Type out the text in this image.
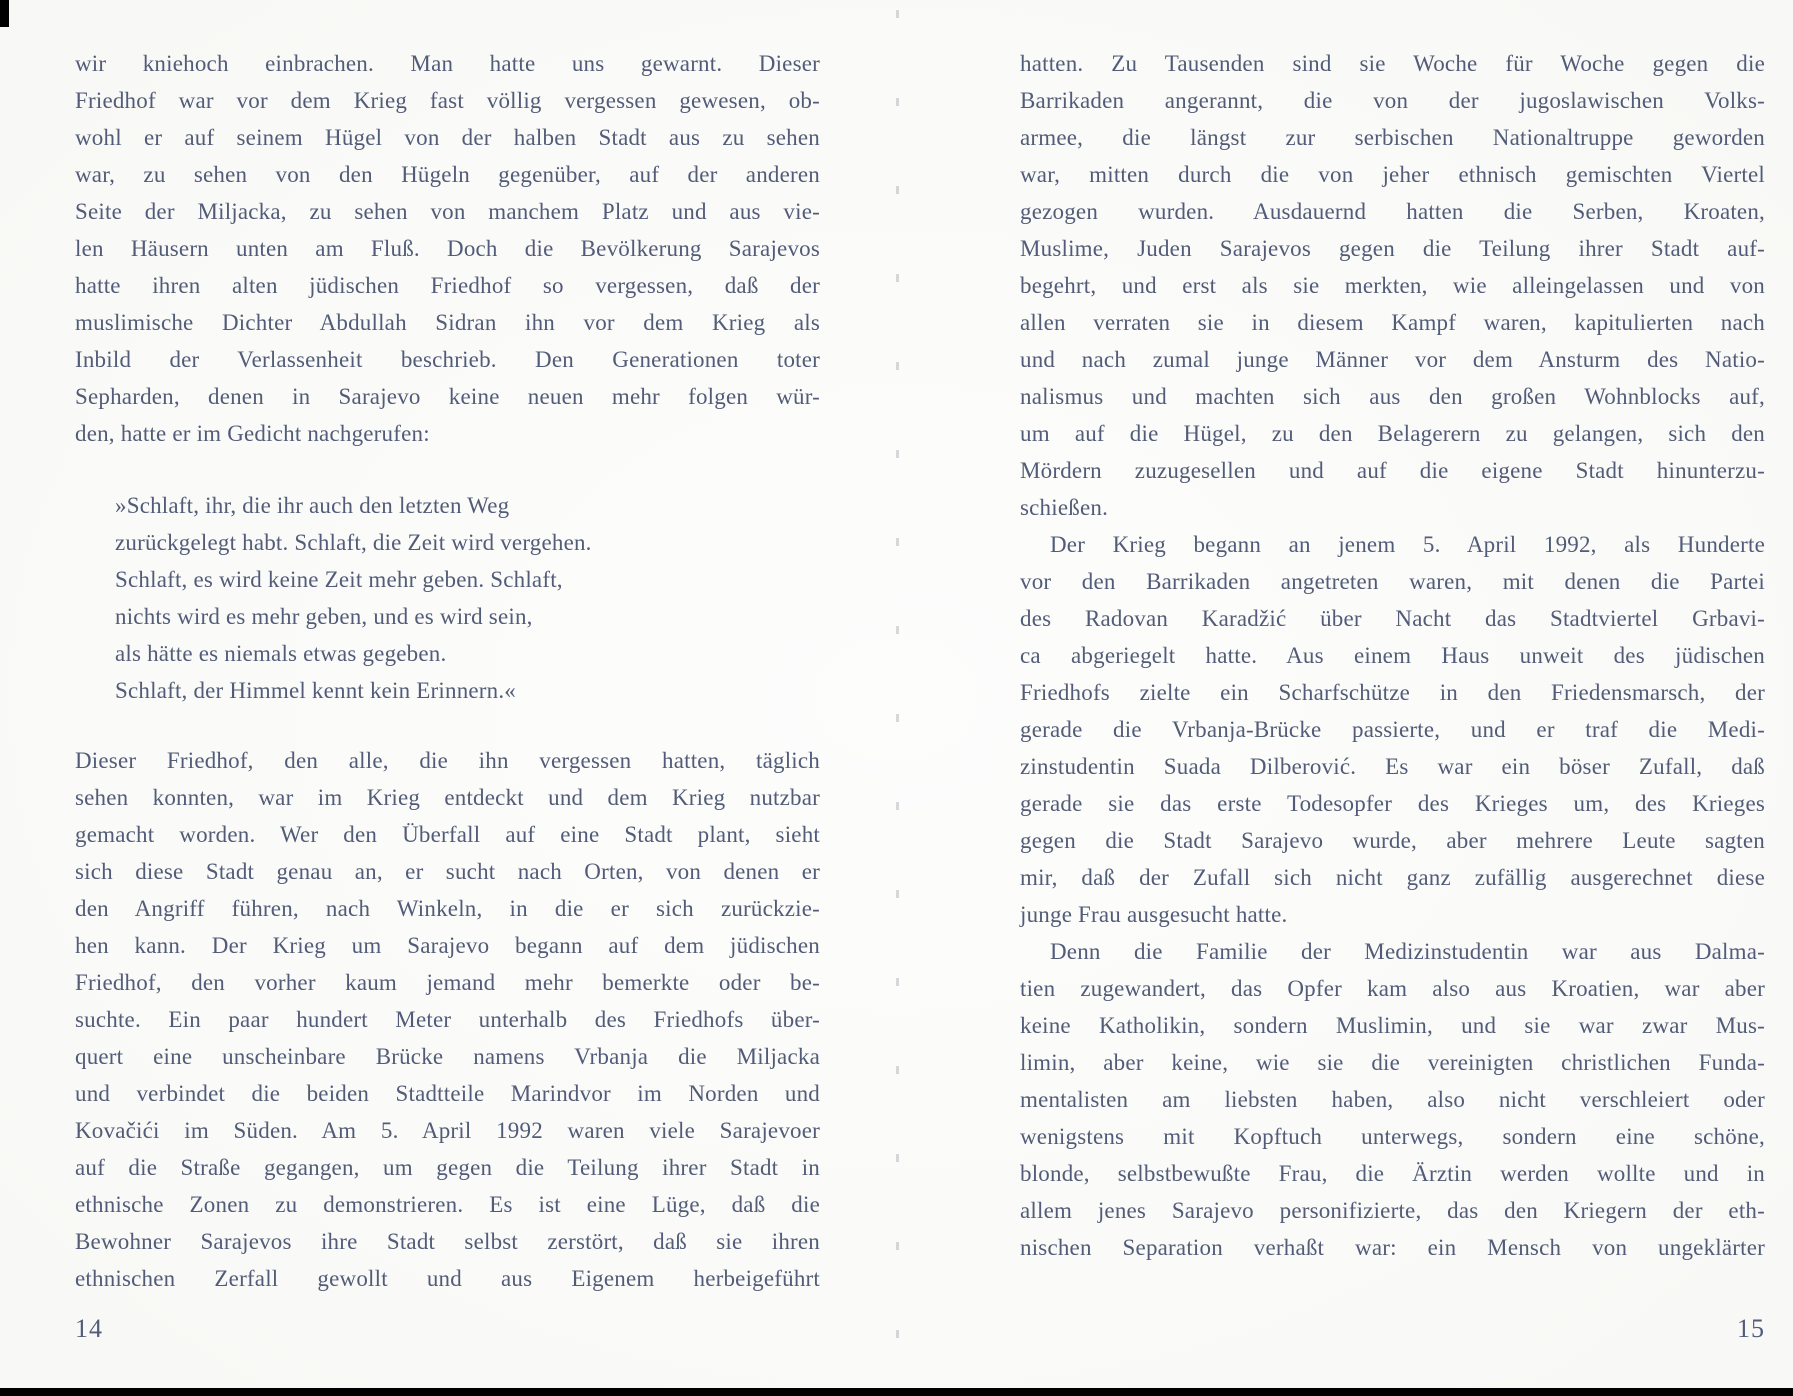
wir kniehoch einbrachen. Man hatte uns gewarnt. Dieser
Friedhof war vor dem Krieg fast völlig vergessen gewesen, ob-
wohl er auf seinem Hügel von der halben Stadt aus zu sehen
war, zu sehen von den Hügeln gegenüber, auf der anderen
Seite der Miljacka, zu sehen von manchem Platz und aus vie-
len Häusern unten am Fluß. Doch die Bevölkerung Sarajevos
hatte ihren alten jüdischen Friedhof so vergessen, daß der
muslimische Dichter Abdullah Sidran ihn vor dem Krieg als
Inbild der Verlassenheit beschrieb. Den Generationen toter
Sepharden, denen in Sarajevo keine neuen mehr folgen wür-
den, hatte er im Gedicht nachgerufen:
»Schlaft, ihr, die ihr auch den letzten Weg
zurückgelegt habt. Schlaft, die Zeit wird vergehen.
Schlaft, es wird keine Zeit mehr geben. Schlaft,
nichts wird es mehr geben, und es wird sein,
als hätte es niemals etwas gegeben.
Schlaft, der Himmel kennt kein Erinnern.«
Dieser Friedhof, den alle, die ihn vergessen hatten, täglich
sehen konnten, war im Krieg entdeckt und dem Krieg nutzbar
gemacht worden. Wer den Überfall auf eine Stadt plant, sieht
sich diese Stadt genau an, er sucht nach Orten, von denen er
den Angriff führen, nach Winkeln, in die er sich zurückzie-
hen kann. Der Krieg um Sarajevo begann auf dem jüdischen
Friedhof, den vorher kaum jemand mehr bemerkte oder be-
suchte. Ein paar hundert Meter unterhalb des Friedhofs über-
quert eine unscheinbare Brücke namens Vrbanja die Miljacka
und verbindet die beiden Stadtteile Marindvor im Norden und
Kovačići im Süden. Am 5. April 1992 waren viele Sarajevoer
auf die Straße gegangen, um gegen die Teilung ihrer Stadt in
ethnische Zonen zu demonstrieren. Es ist eine Lüge, daß die
Bewohner Sarajevos ihre Stadt selbst zerstört, daß sie ihren
ethnischen Zerfall gewollt und aus Eigenem herbeigeführt
hatten. Zu Tausenden sind sie Woche für Woche gegen die
Barrikaden angerannt, die von der jugoslawischen Volks-
armee, die längst zur serbischen Nationaltruppe geworden
war, mitten durch die von jeher ethnisch gemischten Viertel
gezogen wurden. Ausdauernd hatten die Serben, Kroaten,
Muslime, Juden Sarajevos gegen die Teilung ihrer Stadt auf-
begehrt, und erst als sie merkten, wie alleingelassen und von
allen verraten sie in diesem Kampf waren, kapitulierten nach
und nach zumal junge Männer vor dem Ansturm des Natio-
nalismus und machten sich aus den großen Wohnblocks auf,
um auf die Hügel, zu den Belagerern zu gelangen, sich den
Mördern zuzugesellen und auf die eigene Stadt hinunterzu-
schießen.
Der Krieg begann an jenem 5. April 1992, als Hunderte
vor den Barrikaden angetreten waren, mit denen die Partei
des Radovan Karadžić über Nacht das Stadtviertel Grbavi-
ca abgeriegelt hatte. Aus einem Haus unweit des jüdischen
Friedhofs zielte ein Scharfschütze in den Friedensmarsch, der
gerade die Vrbanja-Brücke passierte, und er traf die Medi-
zinstudentin Suada Dilberović. Es war ein böser Zufall, daß
gerade sie das erste Todesopfer des Krieges um, des Krieges
gegen die Stadt Sarajevo wurde, aber mehrere Leute sagten
mir, daß der Zufall sich nicht ganz zufällig ausgerechnet diese
junge Frau ausgesucht hatte.
Denn die Familie der Medizinstudentin war aus Dalma-
tien zugewandert, das Opfer kam also aus Kroatien, war aber
keine Katholikin, sondern Muslimin, und sie war zwar Mus-
limin, aber keine, wie sie die vereinigten christlichen Funda-
mentalisten am liebsten haben, also nicht verschleiert oder
wenigstens mit Kopftuch unterwegs, sondern eine schöne,
blonde, selbstbewußte Frau, die Ärztin werden wollte und in
allem jenes Sarajevo personifizierte, das den Kriegern der eth-
nischen Separation verhaßt war: ein Mensch von ungeklärter
14	15
